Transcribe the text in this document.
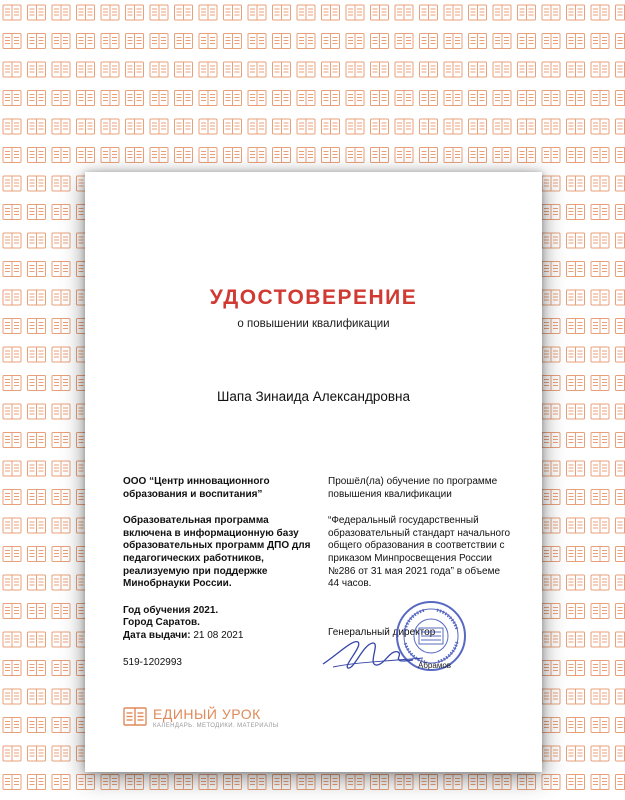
УДОСТОВЕРЕНИЕ
о повышении квалификации
Шапа Зинаида Александровна
ООО “Центр инновационного образования и воспитания”
Образовательная программа включена в информационную базу образовательных программ ДПО для педагогических работников, реализуемую при поддержке Минобрнауки России.
Год обучения 2021.
Город Саратов.
Дата выдачи: 21 08 2021
519-1202993
Прошёл(ла) обучение по программе повышения квалификации
“Федеральный государственный образовательный стандарт начального общего образования в соответствии с приказом Минпросвещения России №286 от 31 мая 2021 года” в объеме 44 часов.
Генеральный директор
Абрамов
ЕДИНЫЙ УРОК
КАЛЕНДАРЬ. МЕТОДИКИ. МАТЕРИАЛЫ
